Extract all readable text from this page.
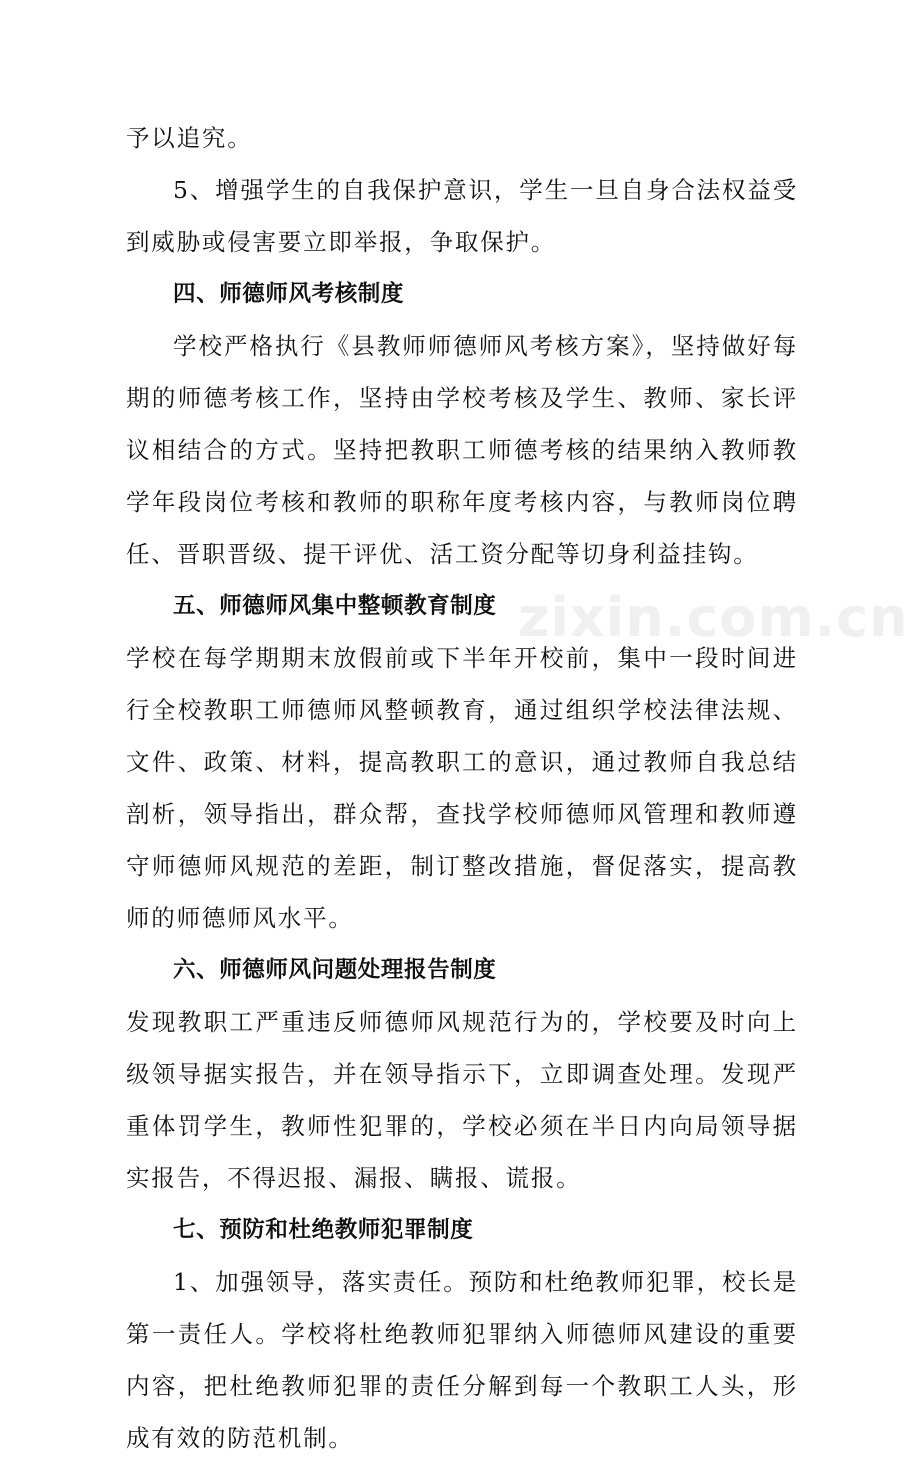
予以追究。

5、增强学生的自我保护意识，学生一旦自身合法权益受到威胁或侵害要立即举报，争取保护。

四、师德师风考核制度

学校严格执行《县教师师德师风考核方案》，坚持做好每期的师德考核工作，坚持由学校考核及学生、教师、家长评议相结合的方式。坚持把教职工师德考核的结果纳入教师教学年段岗位考核和教师的职称年度考核内容，与教师岗位聘任、晋职晋级、提干评优、活工资分配等切身利益挂钩。

五、师德师风集中整顿教育制度

学校在每学期期末放假前或下半年开校前，集中一段时间进行全校教职工师德师风整顿教育，通过组织学校法律法规、文件、政策、材料，提高教职工的意识，通过教师自我总结剖析，领导指出，群众帮，查找学校师德师风管理和教师遵守师德师风规范的差距，制订整改措施，督促落实，提高教师的师德师风水平。

六、师德师风问题处理报告制度

发现教职工严重违反师德师风规范行为的，学校要及时向上级领导据实报告，并在领导指示下，立即调查处理。发现严重体罚学生，教师性犯罪的，学校必须在半日内向局领导据实报告，不得迟报、漏报、瞒报、谎报。

七、预防和杜绝教师犯罪制度

1、加强领导，落实责任。预防和杜绝教师犯罪，校长是第一责任人。学校将杜绝教师犯罪纳入师德师风建设的重要内容，把杜绝教师犯罪的责任分解到每一个教职工人头，形成有效的防范机制。

zixin.com.cn
